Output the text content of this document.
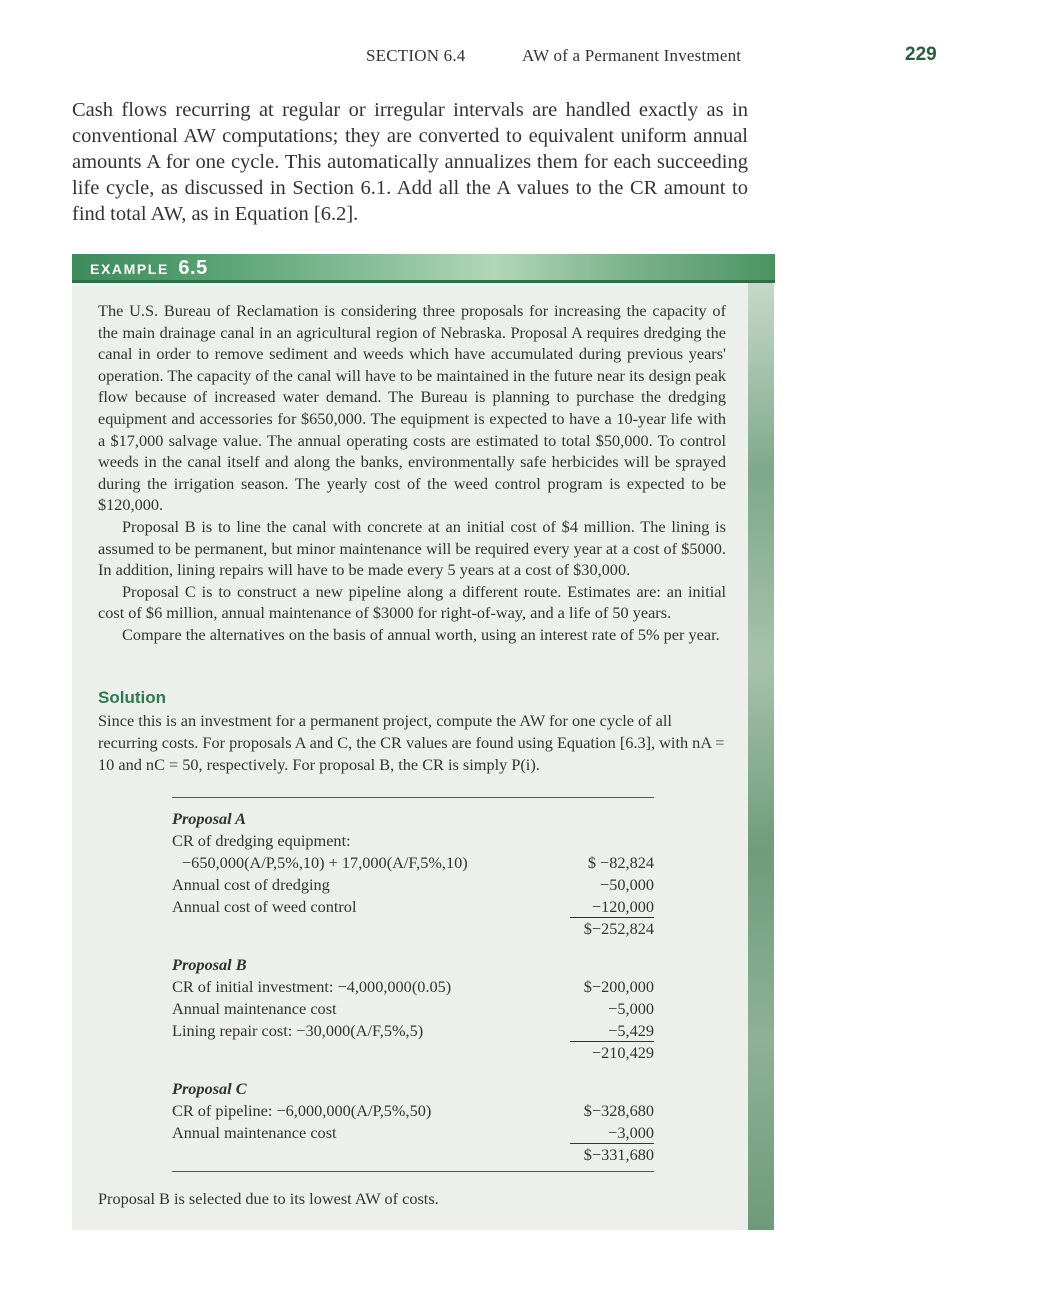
SECTION 6.4	AW of a Permanent Investment	229
Cash flows recurring at regular or irregular intervals are handled exactly as in conventional AW computations; they are converted to equivalent uniform annual amounts A for one cycle. This automatically annualizes them for each succeeding life cycle, as discussed in Section 6.1. Add all the A values to the CR amount to find total AW, as in Equation [6.2].
EXAMPLE 6.5

The U.S. Bureau of Reclamation is considering three proposals for increasing the capacity of the main drainage canal in an agricultural region of Nebraska. Proposal A requires dredging the canal in order to remove sediment and weeds which have accumulated during previous years' operation. The capacity of the canal will have to be maintained in the future near its design peak flow because of increased water demand. The Bureau is planning to purchase the dredging equipment and accessories for $650,000. The equipment is expected to have a 10-year life with a $17,000 salvage value. The annual operating costs are estimated to total $50,000. To control weeds in the canal itself and along the banks, environmentally safe herbicides will be sprayed during the irrigation season. The yearly cost of the weed control program is expected to be $120,000.

Proposal B is to line the canal with concrete at an initial cost of $4 million. The lining is assumed to be permanent, but minor maintenance will be required every year at a cost of $5000. In addition, lining repairs will have to be made every 5 years at a cost of $30,000.

Proposal C is to construct a new pipeline along a different route. Estimates are: an initial cost of $6 million, annual maintenance of $3000 for right-of-way, and a life of 50 years.

Compare the alternatives on the basis of annual worth, using an interest rate of 5% per year.

Solution
Since this is an investment for a permanent project, compute the AW for one cycle of all recurring costs. For proposals A and C, the CR values are found using Equation [6.3], with nA = 10 and nC = 50, respectively. For proposal B, the CR is simply P(i).
Proposal A
CR of dredging equipment:
−650,000(A/P,5%,10) + 17,000(A/F,5%,10)	$ −82,824
Annual cost of dredging	−50,000
Annual cost of weed control	−120,000
$−252,824
Proposal B
CR of initial investment: −4,000,000(0.05)	$−200,000
Annual maintenance cost	−5,000
Lining repair cost: −30,000(A/F,5%,5)	−5,429
−210,429
Proposal C
CR of pipeline: −6,000,000(A/P,5%,50)	$−328,680
Annual maintenance cost	−3,000
$−331,680
Proposal B is selected due to its lowest AW of costs.
